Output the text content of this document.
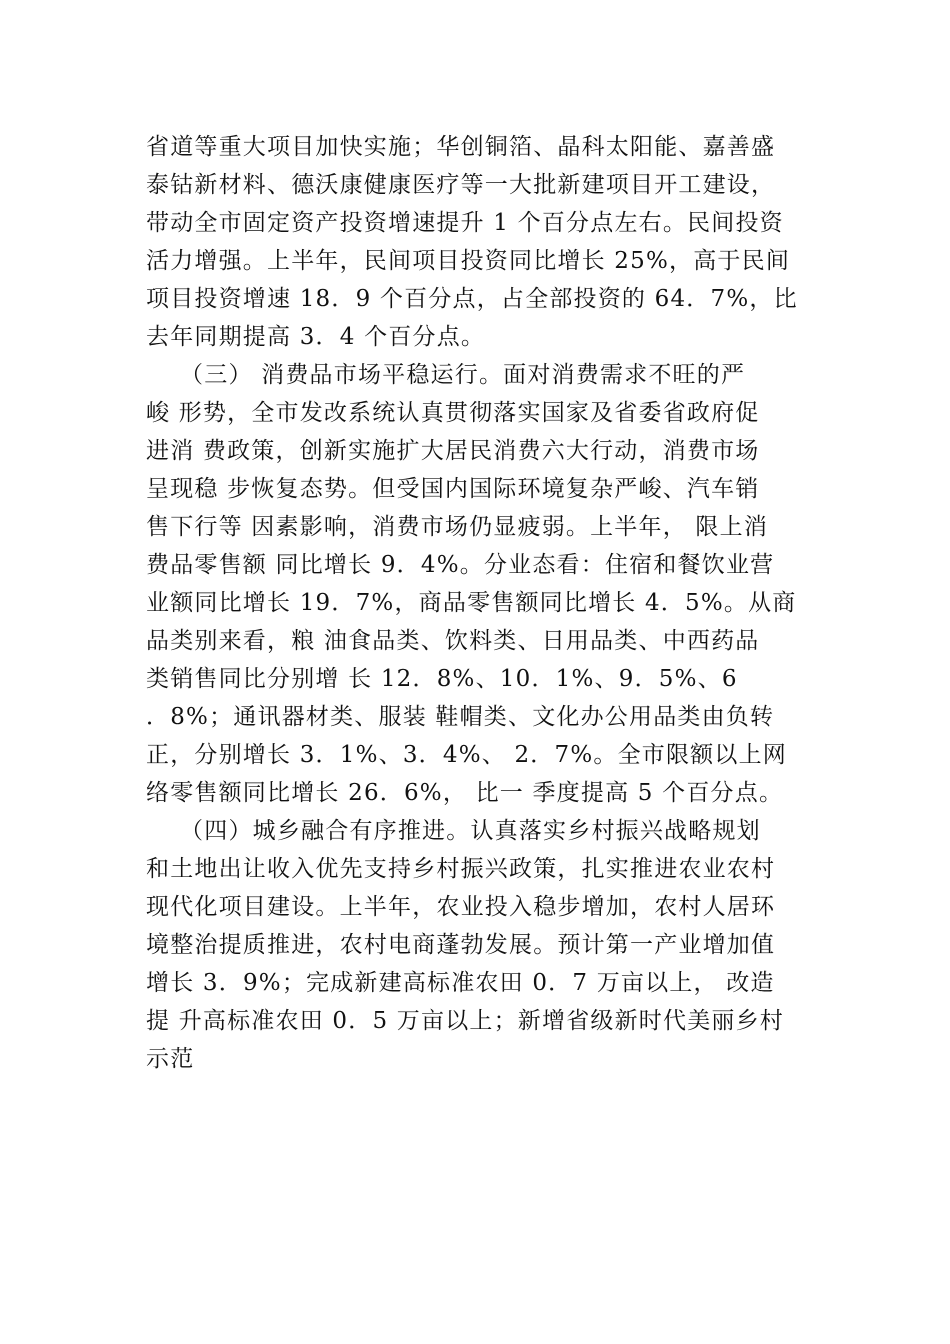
省道等重大项目加快实施；华创铜箔、晶科太阳能、嘉善盛
泰钴新材料、德沃康健康医疗等一大批新建项目开工建设，
带动全市固定资产投资增速提升 1 个百分点左右。民间投资
活力增强。上半年，民间项目投资同比增长 25%，高于民间
项目投资增速 18．9 个百分点，占全部投资的 64．7%，比
去年同期提高 3．4 个百分点。
（三） 消费品市场平稳运行。面对消费需求不旺的严
峻 形势，全市发改系统认真贯彻落实国家及省委省政府促
进消 费政策，创新实施扩大居民消费六大行动，消费市场
呈现稳 步恢复态势。但受国内国际环境复杂严峻、汽车销
售下行等 因素影响，消费市场仍显疲弱。上半年， 限上消
费品零售额 同比增长 9．4%。分业态看：住宿和餐饮业营
业额同比增长 19．7%，商品零售额同比增长 4．5%。从商
品类别来看，粮 油食品类、饮料类、日用品类、中西药品
类销售同比分别增 长 12．8%、10．1%、9．5%、6
．8%；通讯器材类、服装 鞋帽类、文化办公用品类由负转
正，分别增长 3．1%、3．4%、 2．7%。全市限额以上网
络零售额同比增长 26．6%， 比一 季度提高 5 个百分点。
（四）城乡融合有序推进。认真落实乡村振兴战略规划
和土地出让收入优先支持乡村振兴政策，扎实推进农业农村
现代化项目建设。上半年，农业投入稳步增加，农村人居环
境整治提质推进，农村电商蓬勃发展。预计第一产业增加值
增长 3．9%；完成新建高标准农田 0．7 万亩以上， 改造
提 升高标准农田 0．5 万亩以上；新增省级新时代美丽乡村
示范
